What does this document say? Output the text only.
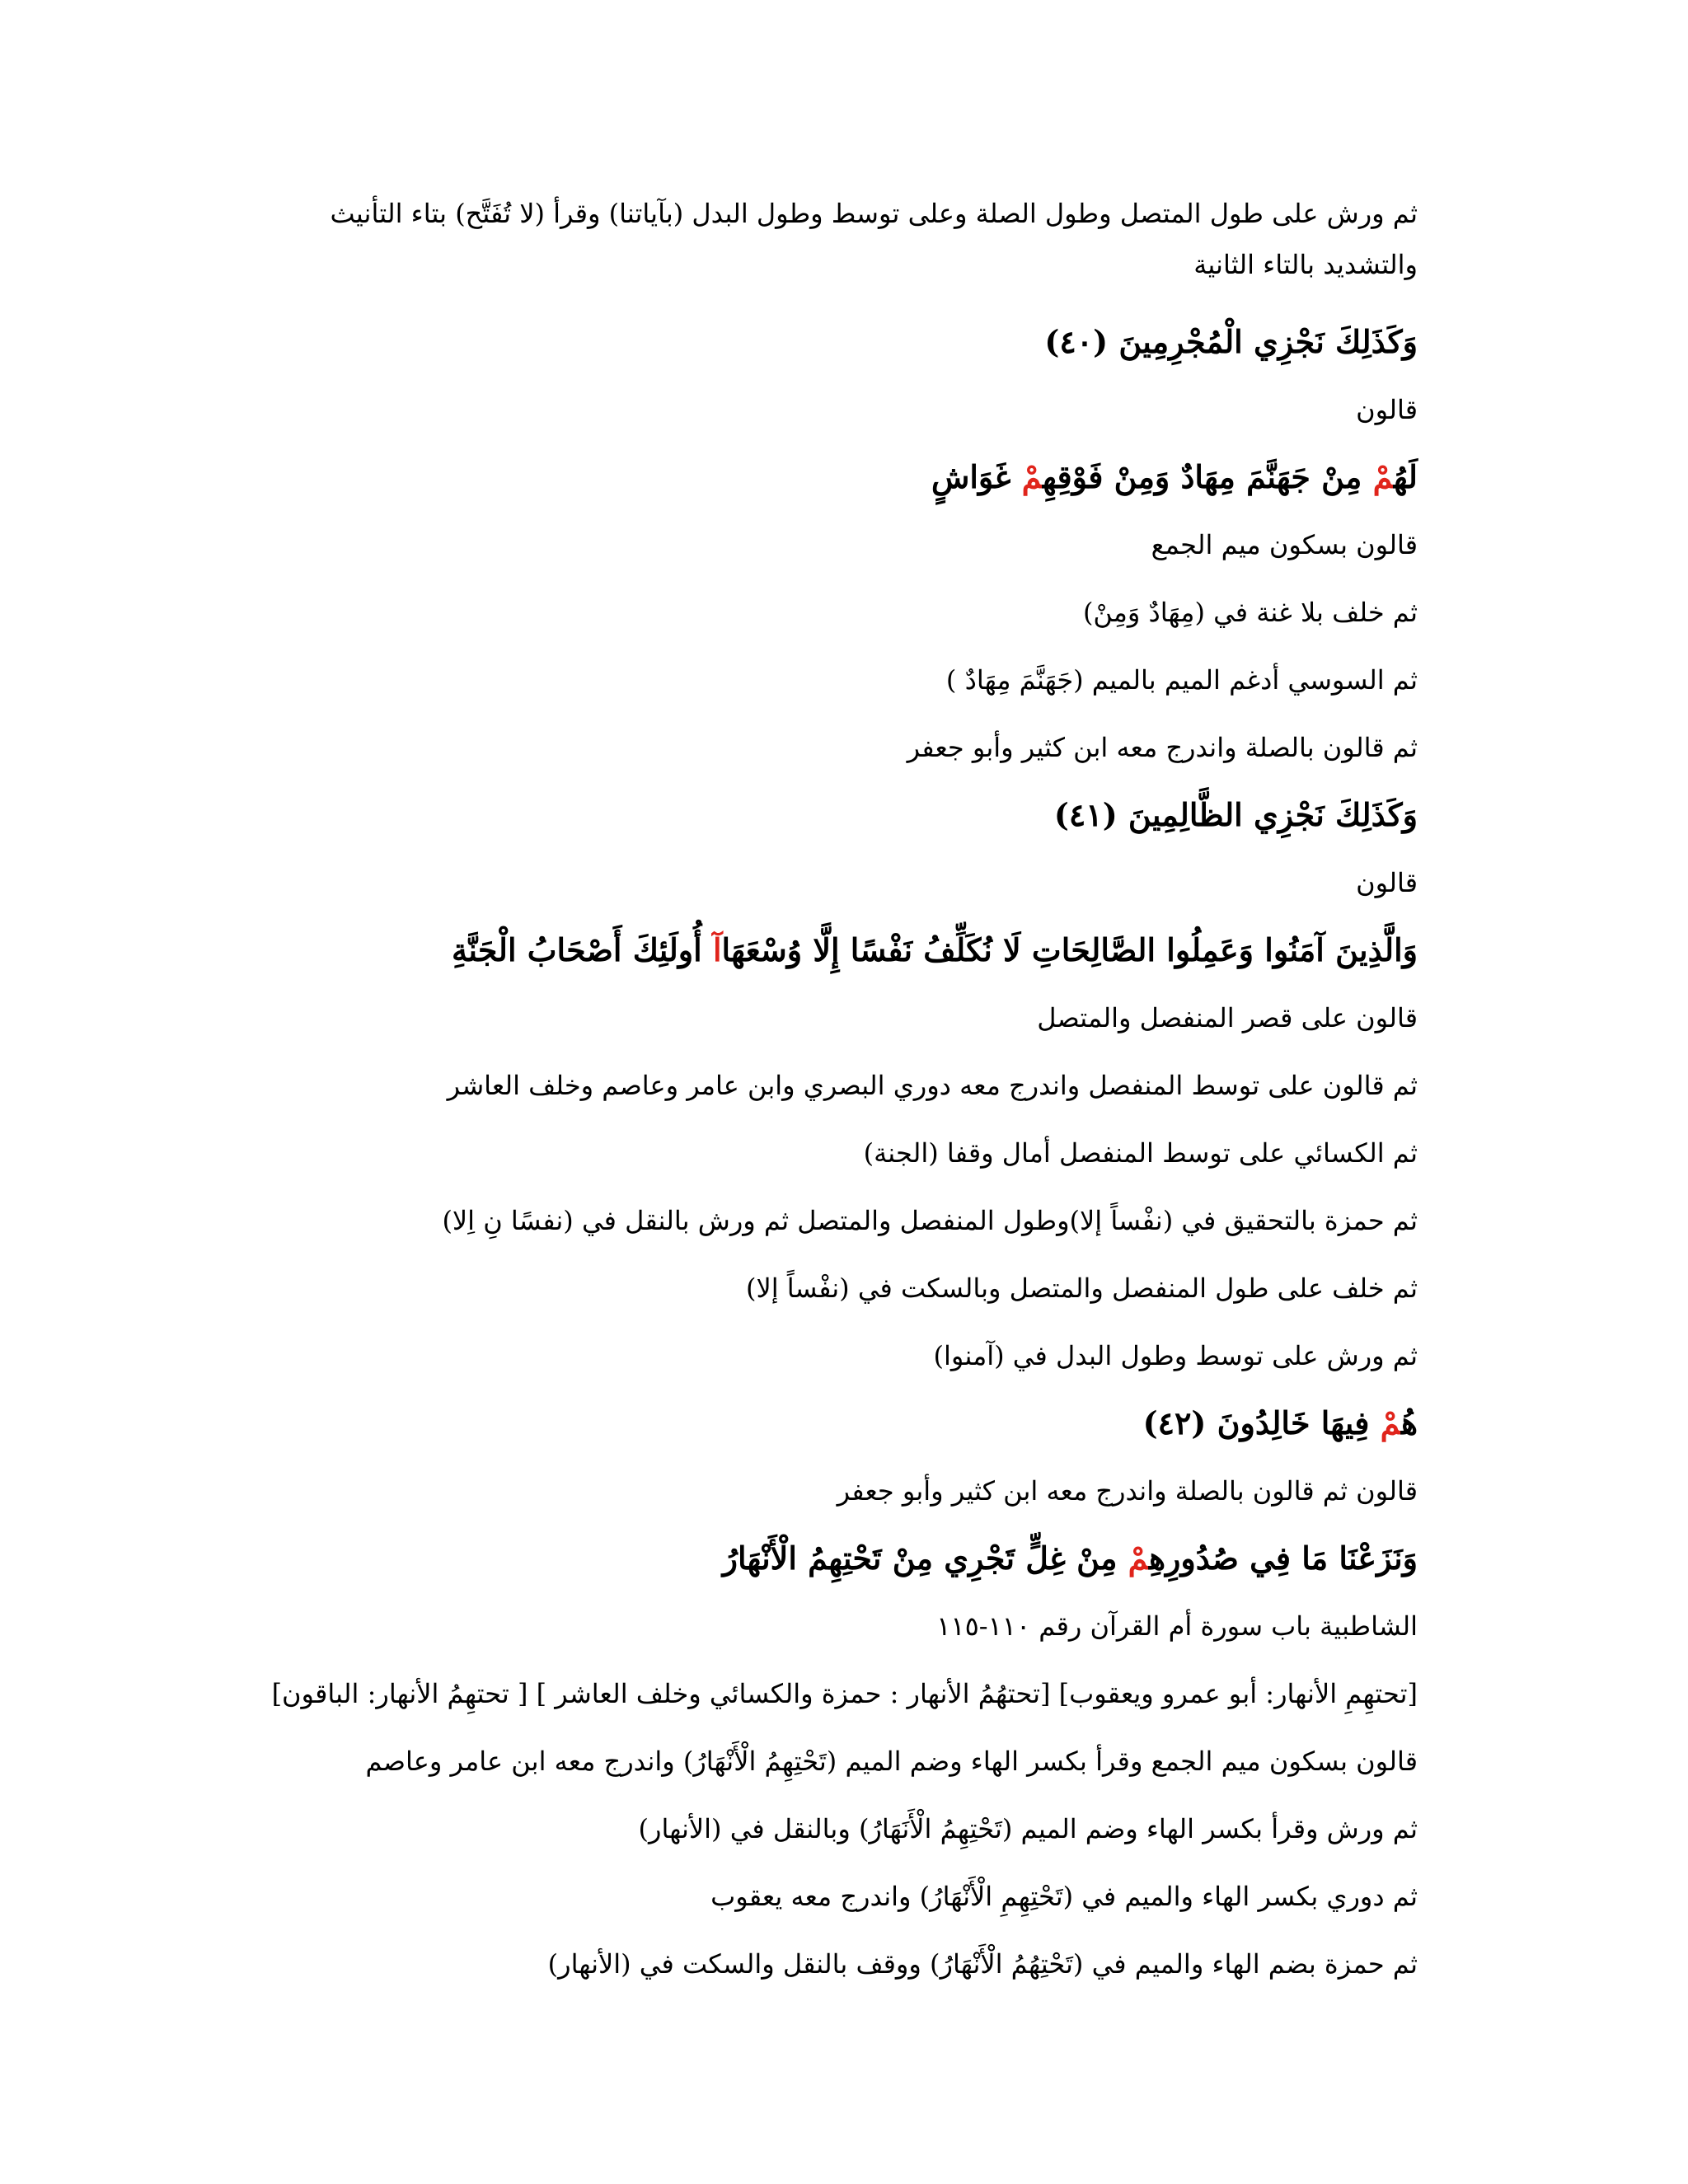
ثم ورش على طول المتصل وطول الصلة وعلى توسط وطول البدل (بآياتنا) وقرأ (لا تُفَتَّح) بتاء التأنيث والتشديد بالتاء الثانية
وَكَذَلِكَ نَجْزِي الْمُجْرِمِينَ (٤٠)
قالون
لَهُمْ مِنْ جَهَنَّمَ مِهَادٌ وَمِنْ فَوْقِهِمْ غَوَاشٍ
قالون بسكون ميم الجمع
ثم خلف بلا غنة في (مِهَادٌ وَمِنْ)
ثم السوسي أدغم الميم بالميم (جَهَنَّمَ مِهَادٌ )
ثم قالون بالصلة واندرج معه ابن كثير وأبو جعفر
وَكَذَلِكَ نَجْزِي الظَّالِمِينَ (٤١)
قالون
وَالَّذِينَ آمَنُوا وَعَمِلُوا الصَّالِحَاتِ لَا نُكَلِّفُ نَفْسًا إِلَّا وُسْعَهَاآ أُولَئِكَ أَصْحَابُ الْجَنَّةِ
قالون على قصر المنفصل والمتصل
ثم قالون على توسط المنفصل واندرج معه دوري البصري وابن عامر وعاصم وخلف العاشر
ثم الكسائي على توسط المنفصل أمال وقفا (الجنة)
ثم حمزة بالتحقيق في (نفْساً إلا)وطول المنفصل والمتصل ثم ورش بالنقل في (نفسًا نِ اِلا)
ثم خلف على طول المنفصل والمتصل وبالسكت في (نفْساً إلا)
ثم ورش على توسط وطول البدل في (آمنوا)
هُمْ فِيهَا خَالِدُونَ (٤٢)
قالون ثم قالون بالصلة واندرج معه ابن كثير وأبو جعفر
وَنَزَعْنَا مَا فِي صُدُورِهِمْ مِنْ غِلٍّ تَجْرِي مِنْ تَحْتِهِمُ الْأَنْهَارُ
الشاطبية باب سورة أم القرآن رقم ١١٠-١١٥
[تحتهِمِ الأنهار: أبو عمرو ويعقوب] [تحتهُمُ الأنهار : حمزة والكسائي وخلف العاشر ] [ تحتهِمُ الأنهار: الباقون]
قالون بسكون ميم الجمع وقرأ بكسر الهاء وضم الميم (تَحْتِهِمُ الْأَنْهَارُ) واندرج معه ابن عامر وعاصم
ثم ورش وقرأ بكسر الهاء وضم الميم (تَحْتِهِمُ الْأَنَهَارُ) وبالنقل في (الأنهار)
ثم دوري بكسر الهاء والميم في (تَحْتِهِمِ الْأَنْهَارُ) واندرج معه يعقوب
ثم حمزة بضم الهاء والميم في (تَحْتِهُمُ الْأَنْهَارُ) ووقف بالنقل والسكت في (الأنهار)
